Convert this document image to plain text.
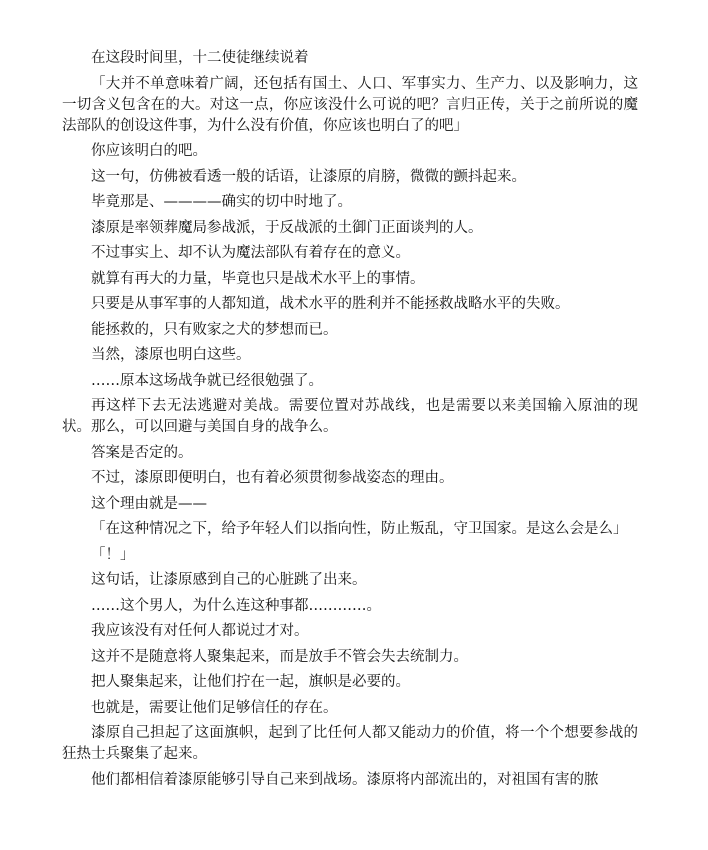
在这段时间里，十二使徒继续说着

「大并不单意味着广阔，还包括有国土、人口、军事实力、生产力、以及影响力，这一切含义包含在的大。对这一点，你应该没什么可说的吧？言归正传，关于之前所说的魔法部队的创设这件事，为什么没有价值，你应该也明白了的吧」

你应该明白的吧。

这一句，仿佛被看透一般的话语，让漆原的肩膀，微微的颤抖起来。

毕竟那是、————确实的切中时地了。

漆原是率领葬魔局参战派，于反战派的土御门正面谈判的人。

不过事实上、却不认为魔法部队有着存在的意义。

就算有再大的力量，毕竟也只是战术水平上的事情。

只要是从事军事的人都知道，战术水平的胜利并不能拯救战略水平的失败。

能拯救的，只有败家之犬的梦想而已。

当然，漆原也明白这些。

……原本这场战争就已经很勉强了。

再这样下去无法逃避对美战。需要位置对苏战线，也是需要以来美国输入原油的现状。那么，可以回避与美国自身的战争么。

答案是否定的。

不过，漆原即便明白，也有着必须贯彻参战姿态的理由。

这个理由就是——

「在这种情况之下，给予年轻人们以指向性，防止叛乱，守卫国家。是这么会是么」

「！」

这句话，让漆原感到自己的心脏跳了出来。

……这个男人，为什么连这种事都…………。

我应该没有对任何人都说过才对。

这并不是随意将人聚集起来，而是放手不管会失去统制力。

把人聚集起来，让他们拧在一起，旗帜是必要的。

也就是，需要让他们足够信任的存在。

漆原自己担起了这面旗帜，起到了比任何人都又能动力的价值，将一个个想要参战的狂热士兵聚集了起来。

他们都相信着漆原能够引导自己来到战场。漆原将内部流出的，对祖国有害的脓
